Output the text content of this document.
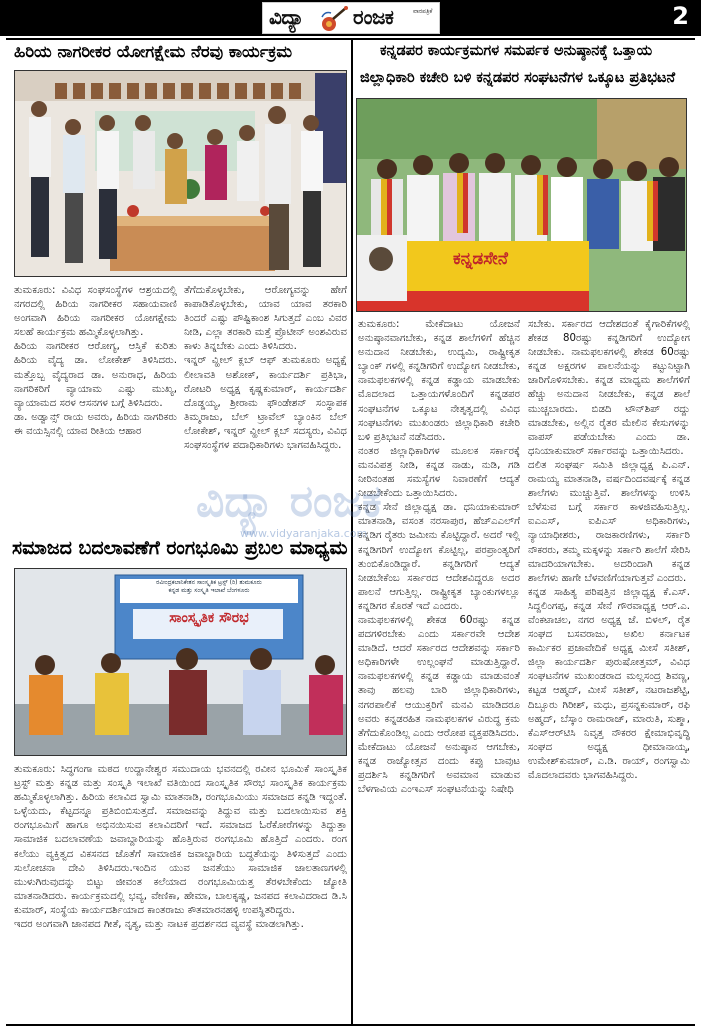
ವಿದ್ಯಾ ರಂಜಕ	ವಾರಪತ್ರಿಕೆ	2
ಹಿರಿಯ ನಾಗರೀಕರ ಯೋಗಕ್ಷೇಮ ನೆರವು ಕಾರ್ಯಕ್ರಮ

ತುಮಕೂರು: ವಿವಿಧ ಸಂಘಸಂಸ್ಥೆಗಳ ಆಶ್ರಯದಲ್ಲಿ ನಗರದಲ್ಲಿ ಹಿರಿಯ ನಾಗರೀಕರ ಸಹಾಯವಾಣಿ ಅಂಗವಾಗಿ ಹಿರಿಯ ನಾಗರೀಕರ ಯೋಗಕ್ಷೇಮ ಸಲಹೆ ಕಾರ್ಯಕ್ರಮ ಹಮ್ಮಿಕೊಳ್ಳಲಾಗಿತ್ತು.
ಹಿರಿಯ ನಾಗರೀಕರ ಆರೋಗ್ಯ, ಆಸ್ತಿಕೆ ಕುರಿತು ಹಿರಿಯ ವೈದ್ಯ ಡಾ. ಲೋಕೇಶ್ ತಿಳಿಸಿದರು. ಮತ್ತೊಬ್ಬ ವೈದ್ಯರಾದ ಡಾ. ಅನುರಾಧ, ಹಿರಿಯ ನಾಗರಿಕರಿಗೆ ವ್ಯಾಯಾಮ ಎಷ್ಟು ಮುಖ್ಯ, ವ್ಯಾಯಾಮದ ಸರಳ ಆಸನಗಳ ಬಗ್ಗೆ ತಿಳಿಸಿದರು.
ಡಾ. ಅಡ್ವಾನ್ಸ್ ರಾಯ ಅವರು, ಹಿರಿಯ ನಾಗರಿಕರು ಈ ವಯಸ್ಸಿನಲ್ಲಿ ಯಾವ ರೀತಿಯ ಆಹಾರ

ತೆಗೆದುಕೊಳ್ಳಬೇಕು, ಆರೋಗ್ಯವನ್ನು ಹೇಗೆ ಕಾಪಾಡಿಕೊಳ್ಳಬೇಕು, ಯಾವ ಯಾವ ತರಕಾರಿ ತಿಂದರೆ ಎಷ್ಟು ಪೌಷ್ಟಿಕಾಂಶ ಸಿಗುತ್ತದೆ ಎಂಬ ವಿವರ ನೀಡಿ, ಎಲ್ಲಾ ತರಕಾರಿ ಮತ್ತೆ ಪ್ರೊಟೀನ್ ಅಂಶವಿರುವ ಕಾಳು ತಿನ್ನಬೇಕು ಎಂದು ತಿಳಿಸಿದರು.
ಇನ್ನರ್ ವ್ಹೀಲ್ ಕ್ಲಬ್ ಆಫ್ ತುಮಕೂರು ಅಧ್ಯಕ್ಷೆ ಲೀಲಾವತಿ ಅಶೋಕ್, ಕಾರ್ಯದರ್ಶಿ ಪ್ರತಿಭಾ, ರೋಟರಿ ಅಧ್ಯಕ್ಷ ಕೃಷ್ಣಕುಮಾರ್, ಕಾರ್ಯದರ್ಶಿ ದೊಡ್ಡಯ್ಯ, ಶ್ರೀರಾಮ ಫೌಂಡೇಶನ್ ಸಂಸ್ಥಾಪಕ ತಿಮ್ಮರಾಜು, ಬೆಲ್ ಟ್ರಾವೆಲ್ ಬ್ಯಾಂಕಿನ ಬೆಲ್ ಲೋಕೇಶ್, ಇನ್ನರ್ ವ್ಹೀಲ್ ಕ್ಲಬ್ ಸದಸ್ಯರು, ವಿವಿಧ ಸಂಘಸಂಸ್ಥೆಗಳ ಪದಾಧಿಕಾರಿಗಳು ಭಾಗವಹಿಸಿದ್ದರು.

ಸಮಾಜದ ಬದಲಾವಣೆಗೆ ರಂಗಭೂಮಿ ಪ್ರಬಲ ಮಾಧ್ಯಮ
ರವೀಂದ್ರಕಲಾನಿಕೇತನ ಸಾಂಸ್ಕೃತಿಕ ಟ್ರಸ್ಟ್ (ರಿ) ತುಮಕೂರು
ಕನ್ನಡ ಮತ್ತು ಸಂಸ್ಕೃತಿ ಇಲಾಖೆ ಬೆಂಗಳೂರು
ಸಾಂಸ್ಕೃತಿಕ ಸೌರಭ

ತುಮಕೂರು: ಸಿದ್ಧಗಂಗಾ ಮಠದ ಉದ್ದಾನೇಶ್ವರ ಸಮುದಾಯ ಭವನದಲ್ಲಿ ರವೀನ ಭೂಮಿಕೆ ಸಾಂಸ್ಕೃತಿಕ ಟ್ರಸ್ಟ್ ಮತ್ತು ಕನ್ನಡ ಮತ್ತು ಸಂಸ್ಕೃತಿ ಇಲಾಖೆ ವತಿಯಿಂದ ಸಾಂಸ್ಕೃತಿಕ ಸೌರಭ ಸಾಂಸ್ಕೃತಿಕ ಕಾರ್ಯಕ್ರಮ ಹಮ್ಮಿಕೊಳ್ಳಲಾಗಿತ್ತು. ಹಿರಿಯ ಕಲಾವಿದ ಸ್ವಾಮಿ ಮಾತನಾಡಿ, ರಂಗಭೂಮಿಯು ಸಮಾಜದ ಕನ್ನಡಿ ಇದ್ದಂತೆ. ಒಳ್ಳೆಯದು, ಕೆಟ್ಟದನ್ನೂ ಪ್ರತಿಬಿಂಬಿಸುತ್ತದೆ. ಸಮಾಜವನ್ನು ತಿದ್ದುವ ಮತ್ತು ಬದಲಾಯಿಸುವ ಶಕ್ತಿ ರಂಗಭೂಮಿಗೆ ಹಾಗೂ ಅಭಿನಯಿಸುವ ಕಲಾವಿದರಿಗೆ ಇದೆ. ಸಮಾಜದ ಓರೆಕೋರೆಗಳನ್ನು ತಿದ್ದುತ್ತಾ ಸಾಮಾಜಿಕ ಬದಲಾವಣೆಯ ಜವಾಬ್ದಾರಿಯನ್ನು ಹೊತ್ತಿರುವ ರಂಗಭೂಮಿ ಹೊತ್ತಿದೆ ಎಂದರು. ರಂಗ ಕಲೆಯು ವ್ಯಕ್ತಿತ್ವದ ವಿಕಸನದ ಜೊತೆಗೆ ಸಾಮಾಜಿಕ ಜವಾಬ್ದಾರಿಯ ಬದ್ಧತೆಯನ್ನು ತಿಳಿಸುತ್ತದೆ ಎಂದು ಸುಲೋಚನಾ ದೇವಿ ತಿಳಿಸಿದರು.ಇಂದಿನ ಯುವ ಜನತೆಯು ಸಾಮಾಜಿಕ ಜಾಲತಾಣಗಳಲ್ಲಿ ಮುಳುಗಿರುವುದನ್ನು ಬಿಟ್ಟು ಜೀವಂತ ಕಲೆಯಾದ ರಂಗಭೂಮಿಯತ್ತ ತೆರಳಬೇಕೆಂದು ಜ್ಯೋತಿ ಮಾತನಾಡಿದರು. ಕಾರ್ಯಕ್ರಮದಲ್ಲಿ ಭವ್ಯ, ವೇಣಿಕಾ, ಹೇಮಾ, ಬಾಲಕೃಷ್ಣ, ಜನಪದ ಕಲಾವಿದರಾದ ಡಿ.ಸಿ ಕುಮಾರ್, ಸಂಸ್ಥೆಯ ಕಾರ್ಯದರ್ಶಿಯಾದ ಕಾಂತರಾಜು ಕೌತಮಾರನಹಳ್ಳಿ ಉಪಸ್ಥಿತರಿದ್ದರು.
ಇದರ ಅಂಗವಾಗಿ ಜಾನಪದ ಗೀತೆ, ನೃತ್ಯ, ಮತ್ತು ನಾಟಕ ಪ್ರದರ್ಶನದ ವ್ಯವಸ್ಥೆ ಮಾಡಲಾಗಿತ್ತು.

ಕನ್ನಡಪರ ಕಾರ್ಯಕ್ರಮಗಳ ಸಮರ್ಪಕ ಅನುಷ್ಠಾನಕ್ಕೆ ಒತ್ತಾಯ
ಜಿಲ್ಲಾಧಿಕಾರಿ ಕಚೇರಿ ಬಳಿ ಕನ್ನಡಪರ ಸಂಘಟನೆಗಳ ಒಕ್ಕೂಟ ಪ್ರತಿಭಟನೆ
ಕನ್ನಡಸೇನೆ

ತುಮಕೂರು: ಮೇಕೆದಾಟು ಯೋಜನೆ ಅನುಷ್ಠಾನವಾಗಬೇಕು, ಕನ್ನಡ ಶಾಲೆಗಳಿಗೆ ಹೆಚ್ಚಿನ ಅನುದಾನ ನೀಡಬೇಕು, ಉದ್ಯಮಿ, ರಾಷ್ಟ್ರೀಕೃತ ಬ್ಯಾಂಕ್ ಗಳಲ್ಲಿ ಕನ್ನಡಿಗರಿಗೆ ಉದ್ಯೋಗ ನೀಡಬೇಕು, ನಾಮಫಲಕಗಳಲ್ಲಿ ಕನ್ನಡ ಕಡ್ಡಾಯ ಮಾಡಬೇಕು ಮೊದಲಾದ ಒತ್ತಾಯಗಳೊಂದಿಗೆ ಕನ್ನಡಪರ ಸಂಘಟನೆಗಳ ಒಕ್ಕೂಟ ನೇತೃತ್ವದಲ್ಲಿ ವಿವಿಧ ಸಂಘಟನೆಗಳು ಮುಖಂಡರು ಜಿಲ್ಲಾಧಿಕಾರಿ ಕಚೇರಿ ಬಳಿ ಪ್ರತಿಭಟನೆ ನಡೆಸಿದರು.
ನಂತರ ಜಿಲ್ಲಾಧಿಕಾರಿಗಳ ಮೂಲಕ ಸರ್ಕಾರಕ್ಕೆ ಮನವಿಪತ್ರ ನೀಡಿ, ಕನ್ನಡ ನಾಡು, ನುಡಿ, ಗಡಿ ನೀರಿನಂತಹ ಸಮಸ್ಯೆಗಳ ನಿವಾರಣೆಗೆ ಆದ್ಯತೆ ನೀಡಬೇಕೆಂದು ಒತ್ತಾಯಿಸಿದರು.
ಕನ್ನಡ ಸೇನೆ ಜಿಲ್ಲಾಧ್ಯಕ್ಷ ಡಾ. ಧನಿಯಾಕುಮಾರ್ ಮಾತನಾಡಿ, ವಸಂತ ನರಸಾಪುರ, ಹೆಚ್‌ಎಎಲ್‌ಗೆ ಕನ್ನಡಿಗ ರೈತರು ಜಮೀನು ಕೊಟ್ಟಿದ್ದಾರೆ. ಅದರೆ ಇಲ್ಲಿ ಕನ್ನಡಿಗರಿಗೆ ಉದ್ಯೋಗ ಕೊಟ್ಟಿಲ್ಲ, ಪರಪ್ರಾಂತ್ಯರಿಗೆ ತುಂಬಿಕೊಂಡಿದ್ದಾರೆ. ಕನ್ನಡಿಗರಿಗೆ ಆದ್ಯತೆ ನೀಡಬೇಕೆಂಬ ಸರ್ಕಾರದ ಆದೇಶವಿದ್ದರೂ ಅದರ ಪಾಲನೆ ಆಗುತ್ತಿಲ್ಲ. ರಾಷ್ಟ್ರೀಕೃತ ಬ್ಯಾಂಕುಗಳಲ್ಲೂ ಕನ್ನಡಿಗರ ಕೊರತೆ ಇದೆ ಎಂದರು.
ನಾಮಫಲಕಗಳಲ್ಲಿ ಶೇಕಡ 60ರಷ್ಟು ಕನ್ನಡ ಪದಗಳಿರಬೇಕು ಎಂದು ಸರ್ಕಾರವೇ ಆದೇಶ ಮಾಡಿದೆ. ಆದರೆ ಸರ್ಕಾರದ ಆದೇಶವನ್ನು ಸರ್ಕಾರಿ ಅಧಿಕಾರಿಗಳೇ ಉಲ್ಲಂಘನೆ ಮಾಡುತ್ತಿದ್ದಾರೆ. ನಾಮಫಲಕಗಳಲ್ಲಿ ಕನ್ನಡ ಕಡ್ಡಾಯ ಮಾಡುವಂತೆ ತಾವು ಹಲವು ಬಾರಿ ಜಿಲ್ಲಾಧಿಕಾರಿಗಳು, ನಗರಪಾಲಿಕೆ ಆಯುಕ್ತರಿಗೆ ಮನವಿ ಮಾಡಿದರೂ ಅವರು ಕನ್ನಡರಹಿತ ನಾಮಫಲಕಗಳ ವಿರುದ್ಧ ಕ್ರಮ ತೆಗೆದುಕೊಂಡಿಲ್ಲ ಎಂದು ಆರೋಪ ವ್ಯಕ್ತಪಡಿಸಿದರು.
ಮೇಕೆದಾಟು ಯೋಜನೆ ಅನುಷ್ಠಾನ ಆಗಬೇಕು, ಕನ್ನಡ ರಾಜ್ಯೋತ್ಸವ ದಂದು ಕಪ್ಪು ಬಾವುಟ ಪ್ರದರ್ಶಿಸಿ ಕನ್ನಡಿಗರಿಗೆ ಅವಮಾನ ಮಾಡುವ ಬೆಳಗಾವಿಯ ಎಂಇಎಸ್ ಸಂಘಟನೆಯನ್ನು ನಿಷೇಧಿ

ಸಬೇಕು. ಸರ್ಕಾರದ ಆದೇಶದಂತೆ ಕೈಗಾರಿಕೆಗಳಲ್ಲಿ ಶೇಕಡ 80ರಷ್ಟು ಕನ್ನಡಿಗರಿಗೆ ಉದ್ಯೋಗ ನೀಡಬೇಕು. ನಾಮಫಲಕಗಳಲ್ಲಿ ಶೇಕಡ 60ರಷ್ಟು ಕನ್ನಡ ಅಕ್ಷರಗಳ ಪಾಲನೆಯನ್ನು ಕಟ್ಟುನಿಟ್ಟಾಗಿ ಜಾರಿಗೊಳಿಸಬೇಕು. ಕನ್ನಡ ಮಾಧ್ಯಮ ಶಾಲೆಗಳಿಗೆ ಹೆಚ್ಚು ಅನುದಾನ ನೀಡಬೇಕು, ಕನ್ನಡ ಶಾಲೆ ಮುಚ್ಚಬಾರದು. ಬಿಡದಿ ಟೌನ್‌ಶಿಪ್ ರದ್ದು ಮಾಡಬೇಕು, ಅಲ್ಲಿನ ರೈತರ ಮೇಲಿನ ಕೇಸುಗಳನ್ನು ವಾಪಸ್ ಪಡೆಯಬೇಕು ಎಂದು ಡಾ. ಧನಿಯಾಕುಮಾರ್ ಸರ್ಕಾರವನ್ನು ಒತ್ತಾಯಿಸಿದರು.
ದಲಿತ ಸಂಘರ್ಷ ಸಮಿತಿ ಜಿಲ್ಲಾಧ್ಯಕ್ಷ ಪಿ.ಎನ್. ರಾಮಯ್ಯ ಮಾತನಾಡಿ, ವರ್ಷದಿಂದವರ್ಷಕ್ಕೆ ಕನ್ನಡ ಶಾಲೆಗಳು ಮುಚ್ಚುತ್ತಿವೆ. ಶಾಲೆಗಳನ್ನು ಉಳಿಸಿ ಬೆಳೆಸುವ ಬಗ್ಗೆ ಸರ್ಕಾರ ಕಾಳಜಿವಹಿಸುತ್ತಿಲ್ಲ. ಐಎಎಸ್, ಐಪಿಎಸ್ ಅಧಿಕಾರಿಗಳು, ನ್ಯಾಯಾಧೀಶರು, ರಾಜಕಾರಣಿಗಳು, ಸರ್ಕಾರಿ ನೌಕರರು, ತಮ್ಮ ಮಕ್ಕಳನ್ನು ಸರ್ಕಾರಿ ಶಾಲೆಗೆ ಸೇರಿಸಿ ಮಾದರಿಯಾಗಬೇಕು. ಅದರಿಂದಾಗಿ ಕನ್ನಡ ಶಾಲೆಗಳು ಹಾಗೇ ಬೆಳವಣಿಗೆಯಾಗುತ್ತವೆ ಎಂದರು.
ಕನ್ನಡ ಸಾಹಿತ್ಯ ಪರಿಷತ್ತಿನ ಜಿಲ್ಲಾಧ್ಯಕ್ಷ ಕೆ.ಎಸ್. ಸಿದ್ದಲಿಂಗಪ್ಪ, ಕನ್ನಡ ಸೇನೆ ಗೌರವಾಧ್ಯಕ್ಷ ಆರ್.ಎ. ವೆಂಕಟಾಚಲ, ನಗರ ಅಧ್ಯಕ್ಷ ಜೆ. ಬಿಳಲ್, ರೈತ ಸಂಘದ ಬಸವರಾಜು, ಅಖಿಲ ಕರ್ನಾಟಕ ಕಾರ್ಮಿಕರ ಪ್ರಜಾವೇದಿಕೆ ಅಧ್ಯಕ್ಷ ಮೀಸೆ ಸತೀಶ್, ಜಿಲ್ಲಾ ಕಾರ್ಯದರ್ಶಿ ಪುರುಷೋತ್ತಮ್, ವಿವಿಧ ಸಂಘಟನೆಗಳ ಮುಖಂಡರಾದ ಮಲ್ಲಸಂದ್ರ ಶಿವಣ್ಣ, ಕಟ್ಟಡ ಆಹ್ಮದ್, ಮೀಸೆ ಸತೀಶ್, ನಟರಾಜಶೆಟ್ಟಿ, ದಿಬ್ಬೂರು ಗಿರೀಶ್, ಮಧು, ಪ್ರಸನ್ನಕುಮಾರ್, ರಫಿ ಅಹ್ಮದ್, ಬೆಸ್ಕಾಂ ರಾಮರಾಜ್, ಮಾರುತಿ, ಸುಶ್ಮಾ, ಕೆಎಸ್‌ಆರ್‌ಟಿಸಿ ನಿವೃತ್ತ ನೌಕರರ ಕ್ಷೇಮಾಭಿವೃದ್ಧಿ ಸಂಘದ ಅಧ್ಯಕ್ಷ ಧೀಮಾನಾಯ್ಕ, ಉಮೇಶ್‌ಕುಮಾರ್, ಎ.ಡಿ. ರಾಯ್, ರಂಗಸ್ವಾಮಿ ಮೊದಲಾದವರು ಭಾಗವಹಿಸಿದ್ದರು.

ವಿದ್ಯಾ ರಂಜಕ
www.vidyaranjaka.com
